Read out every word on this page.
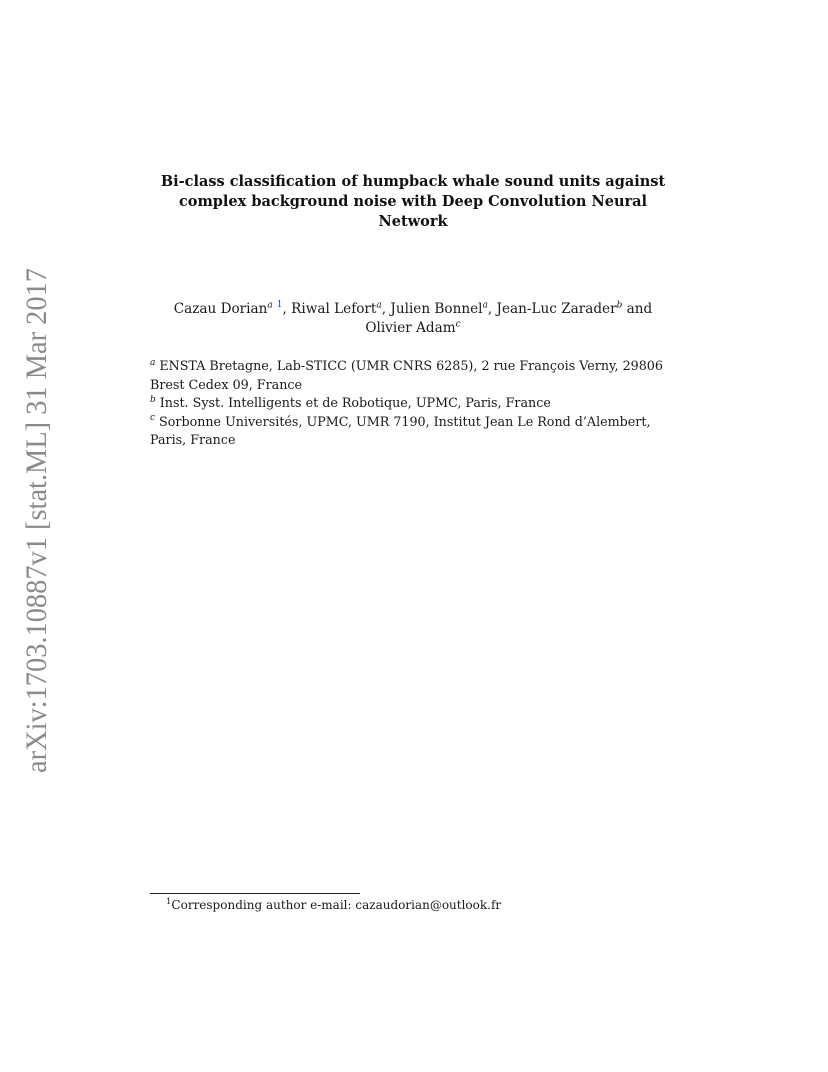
arXiv:1703.10887v1 [stat.ML] 31 Mar 2017
Bi-class classification of humpback whale sound units against
complex background noise with Deep Convolution Neural
Network
Cazau Dorian$^a$ $^1$, Riwal Lefort$^a$, Julien Bonnel$^a$, Jean-Luc Zarader$^b$ and
Olivier Adam$^c$
$^a$ ENSTA Bretagne, Lab-STICC (UMR CNRS 6285), 2 rue François Verny, 29806 Brest Cedex 09, France
$^b$ Inst. Syst. Intelligents et de Robotique, UPMC, Paris, France
$^c$ Sorbonne Universités, UPMC, UMR 7190, Institut Jean Le Rond d’Alembert, Paris, France
$^1$Corresponding author e-mail: cazaudorian@outlook.fr
